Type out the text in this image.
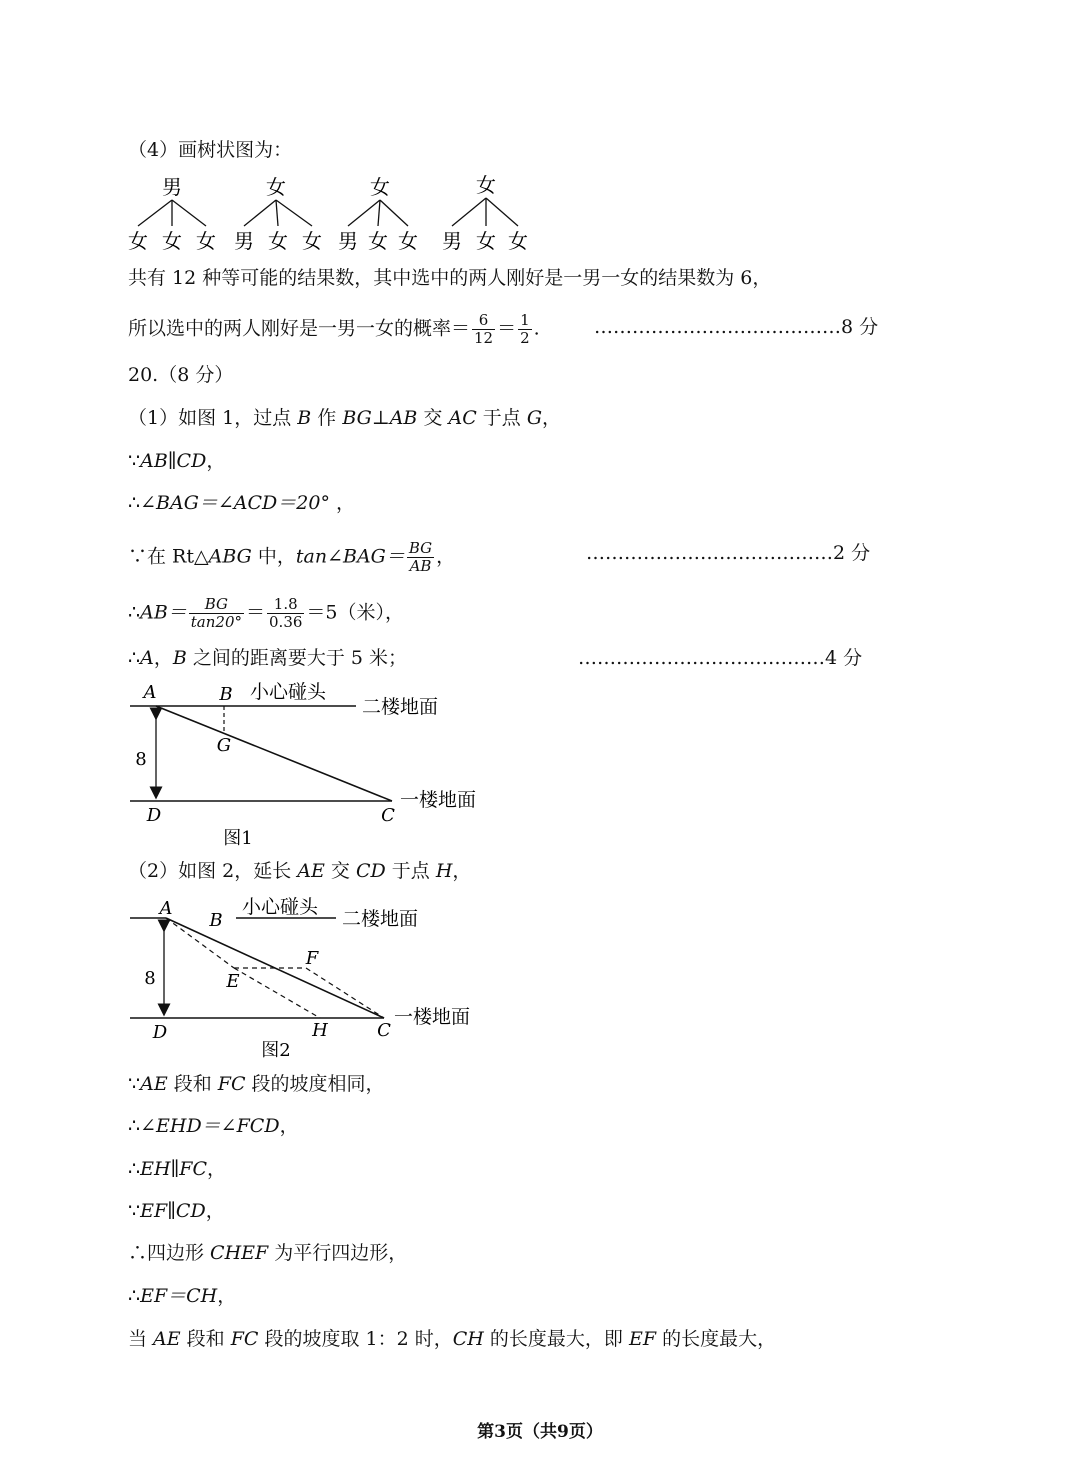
（4）画树状图为：
男
女 女 女
女
男 女 女
女
男 女 女
女
男 女 女
共有 12 种等可能的结果数，其中选中的两人刚好是一男一女的结果数为 6，
所以选中的两人刚好是一男一女的概率＝ $\frac{6}{12} = \frac{1}{2}$ .	…………………………………8 分
20.（8 分）
（1）如图 1，过点 B 作 BG⊥AB 交 AC 于点 G，
∵AB∥CD，
∴∠BAG＝∠ACD＝20° ，
∵在 Rt△ABG 中，tan∠BAG＝ $\frac{BG}{AB}$ ，	…………………………………2 分
∴AB＝ $\frac{BG}{\tan 20^\circ} = \frac{1.8}{0.36} =5$（米），
∴A，B 之间的距离要大于 5 米；	…………………………………4 分
A	B
G
D	C
8
小心碰头
二楼地面
一楼地面
图1
（2）如图 2，延长 AE 交 CD 于点 H，
A
B
E
F
D	H	C
8
小心碰头
二楼地面
一楼地面
图2
∵AE 段和 FC 段的坡度相同，
∴∠EHD＝∠FCD，
∴EH∥FC，
∵EF∥CD，
∴四边形 CHEF 为平行四边形，
∴EF＝CH，
当 AE 段和 FC 段的坡度取 1：2 时，CH 的长度最大，即 EF 的长度最大，
第3页（共9页）
